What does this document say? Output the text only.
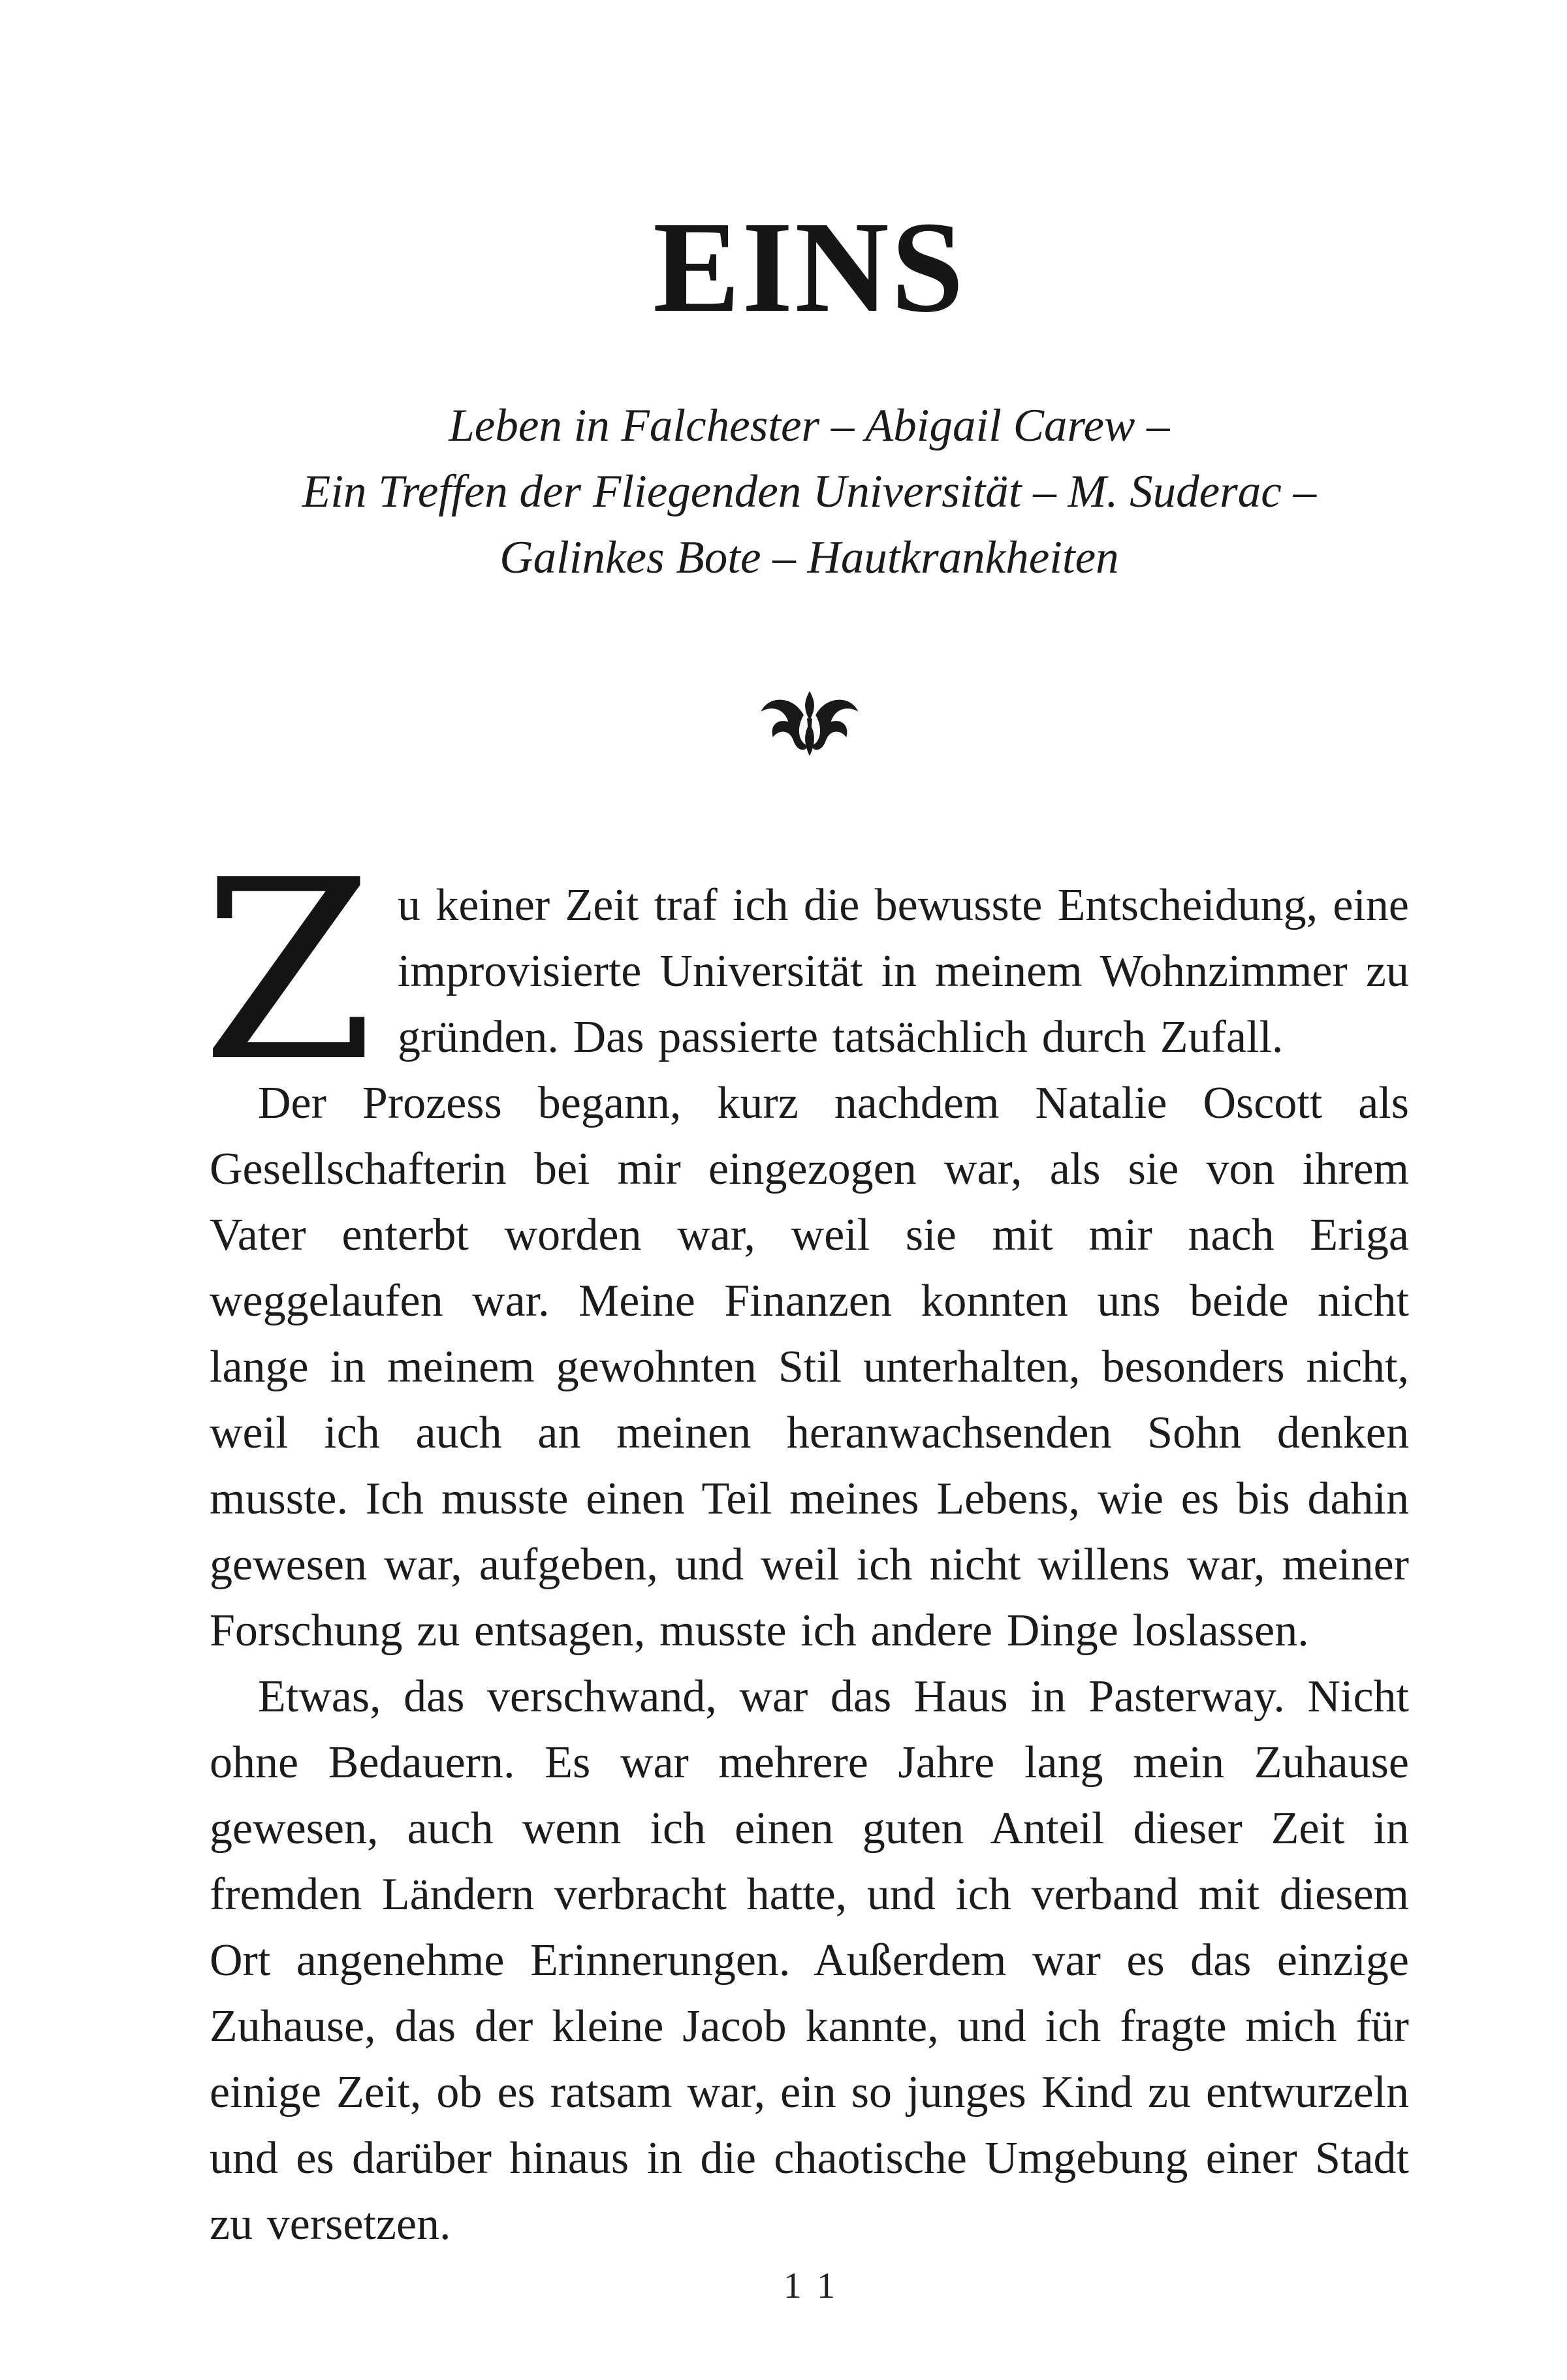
EINS
Leben in Falchester – Abigail Carew –
Ein Treffen der Fliegenden Universität – M. Suderac –
Galinkes Bote – Hautkrankheiten

Zu keiner Zeit traf ich die bewusste Entscheidung, eine improvisierte Universität in meinem Wohnzimmer zu gründen. Das passierte tatsächlich durch Zufall.

Der Prozess begann, kurz nachdem Natalie Oscott als Gesellschafterin bei mir eingezogen war, als sie von ihrem Vater enterbt worden war, weil sie mit mir nach Eriga weggelaufen war. Meine Finanzen konnten uns beide nicht lange in meinem gewohnten Stil unterhalten, besonders nicht, weil ich auch an meinen heranwachsenden Sohn denken musste. Ich musste einen Teil meines Lebens, wie es bis dahin gewesen war, aufgeben, und weil ich nicht willens war, meiner Forschung zu entsagen, musste ich andere Dinge loslassen.

Etwas, das verschwand, war das Haus in Pasterway. Nicht ohne Bedauern. Es war mehrere Jahre lang mein Zuhause gewesen, auch wenn ich einen guten Anteil dieser Zeit in fremden Ländern verbracht hatte, und ich verband mit diesem Ort angenehme Erinnerungen. Außerdem war es das einzige Zuhause, das der kleine Jacob kannte, und ich fragte mich für einige Zeit, ob es ratsam war, ein so junges Kind zu entwurzeln und es darüber hinaus in die chaotische Umgebung einer Stadt zu versetzen.

11
